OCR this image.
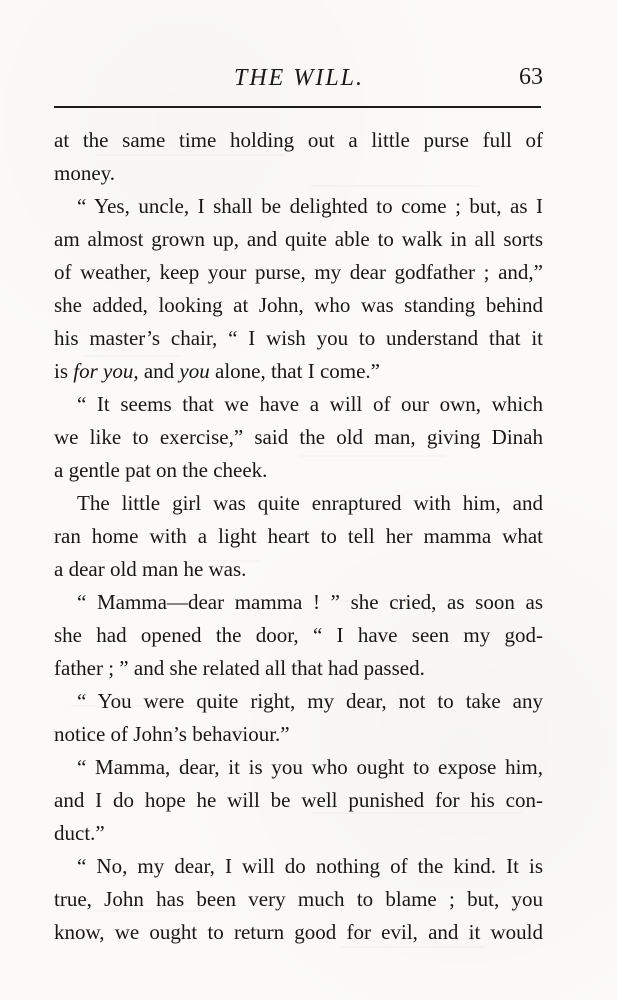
THE WILL.	63
at the same time holding out a little purse full of
money.
“ Yes, uncle, I shall be delighted to come ; but, as I
am almost grown up, and quite able to walk in all sorts
of weather, keep your purse, my dear godfather ; and,”
she added, looking at John, who was standing behind
his master’s chair, “ I wish you to understand that it
is for you, and you alone, that I come.”
“ It seems that we have a will of our own, which
we like to exercise,” said the old man, giving Dinah
a gentle pat on the cheek.
The little girl was quite enraptured with him, and
ran home with a light heart to tell her mamma what
a dear old man he was.
“ Mamma—dear mamma ! ” she cried, as soon as
she had opened the door, “ I have seen my god-
father ; ” and she related all that had passed.
“ You were quite right, my dear, not to take any
notice of John’s behaviour.”
“ Mamma, dear, it is you who ought to expose him,
and I do hope he will be well punished for his con-
duct.”
“ No, my dear, I will do nothing of the kind. It is
true, John has been very much to blame ; but, you
know, we ought to return good for evil, and it would
